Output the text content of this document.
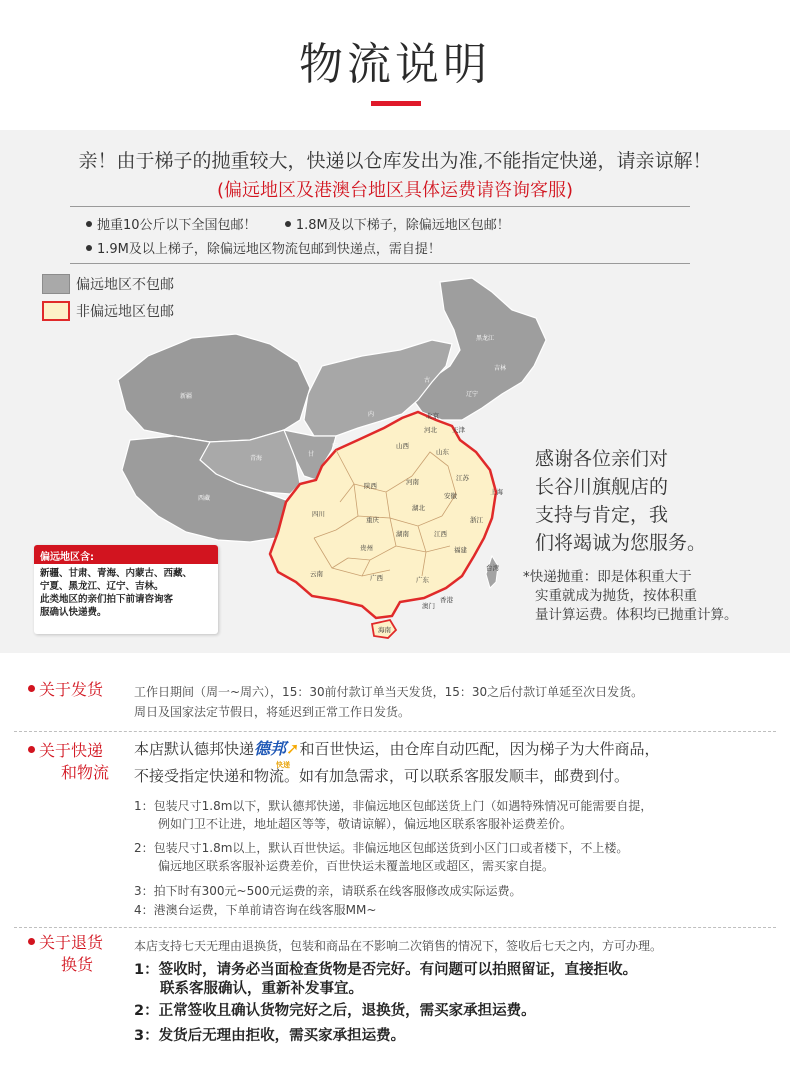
物流说明
亲！由于梯子的抛重较大，快递以仓库发出为准,不能指定快递，请亲谅解！
(偏远地区及港澳台地区具体运费请咨询客服)
抛重10公斤以下全国包邮！	1.8M及以下梯子，除偏远地区包邮！
1.9M及以上梯子，除偏远地区物流包邮到快递点，需自提！
偏远地区不包邮
非偏远地区包邮
黑龙江
吉林
辽宁
新疆
内
古
甘
宁
青海
西藏
北京
天津
河北
山西
陕西
山东
河南	江苏
上海
安徽
四川
重庆
湖北
浙江
湖南	江西
福建
贵州
台湾
云南	广西	广东
香港
澳门
海南
偏远地区含:
新疆、甘肃、青海、内蒙古、西藏、
宁夏、黑龙江、辽宁、吉林。
此类地区的亲们拍下前请咨询客
服确认快递费。
感谢各位亲们对
长谷川旗舰店的
支持与肯定，我
们将竭诚为您服务。
*快递抛重：即是体积重大于
实重就成为抛货，按体积重
量计算运费。体积均已抛重计算。
关于发货	工作日期间（周一~周六），15：30前付款订单当天发货，15：30之后付款订单延至次日发货。
周日及国家法定节假日，将延迟到正常工作日发货。
关于快递
和物流
本店默认德邦快递德邦➚
快递
和百世快运，由仓库自动匹配，因为梯子为大件商品，
不接受指定快递和物流。如有加急需求，可以联系客服发顺丰，邮费到付。
1：包装尺寸1.8m以下，默认德邦快递，非偏远地区包邮送货上门（如遇特殊情况可能需要自提，
例如门卫不让进，地址超区等等，敬请谅解），偏远地区联系客服补运费差价。
2：包装尺寸1.8m以上，默认百世快运。非偏远地区包邮送货到小区门口或者楼下，不上楼。
偏远地区联系客服补运费差价，百世快运未覆盖地区或超区，需买家自提。
3：拍下时有300元~500元运费的亲，请联系在线客服修改成实际运费。
4：港澳台运费，下单前请咨询在线客服MM~
关于退货
换货
本店支持七天无理由退换货，包装和商品在不影响二次销售的情况下，签收后七天之内，方可办理。
1：签收时，请务必当面检查货物是否完好。有问题可以拍照留证，直接拒收。
联系客服确认，重新补发事宜。
2：正常签收且确认货物完好之后，退换货，需买家承担运费。
3：发货后无理由拒收，需买家承担运费。
